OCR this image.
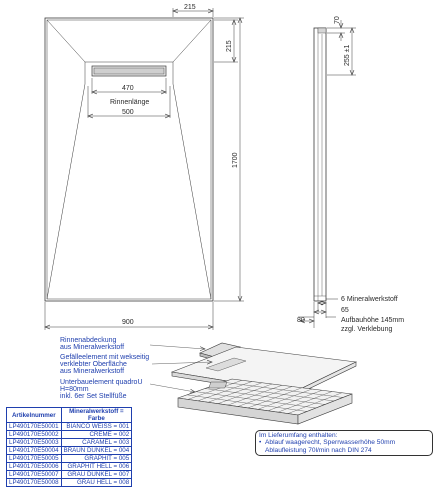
215
215
470
Rinnenlänge
500
1700
900
70
255 ±1
6 Mineralwerkstoff
65
80	Aufbauhöhe 145mm
zzgl. Verklebung
Rinnenabdeckung
aus Mineralwerkstoff
Gefälleelement mit wekseitig
verklebter Oberfläche
aus Mineralwerkstoff
Unterbauelement quadroU
H=80mm
inkl. 6er Set Stellfüße
Artikelnummer	Mineralwerkstoff =
Farbe
LP490170E50001	BIANCO WEISS = 001
LP490170E50002	CREME = 002
LP490170E50003	CARAMEL = 003
LP490170E50004	BRAUN DUNKEL = 004
LP490170E50005	GRAPHIT = 005
LP490170E50006	GRAPHIT HELL = 006
LP490170E50007	GRAU DUNKEL = 007
LP490170E50008	GRAU HELL = 008
Im Lieferumfang enthalten:
• Ablauf waagerecht, Sperrwasserhöhe 50mm
Ablaufleistung 70l/min nach DIN 274
